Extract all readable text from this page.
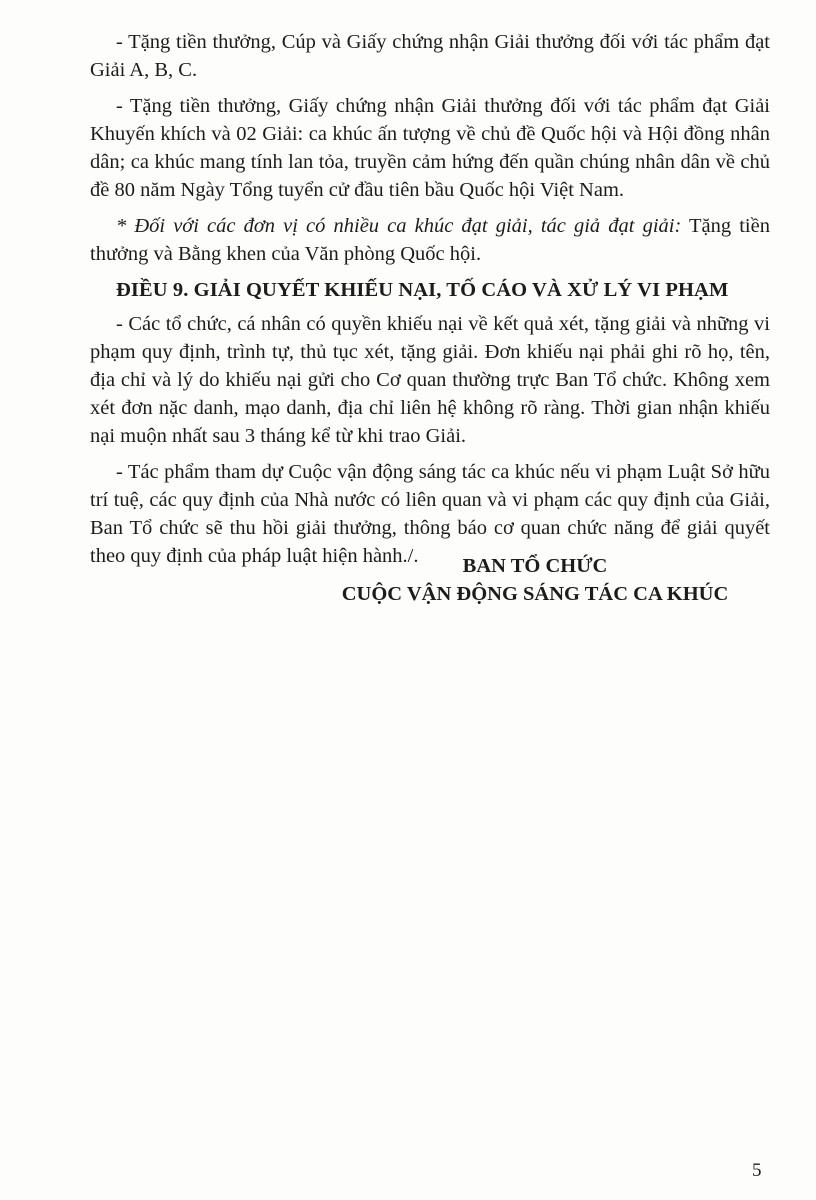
- Tặng tiền thưởng, Cúp và Giấy chứng nhận Giải thưởng đối với tác phẩm đạt Giải A, B, C.

- Tặng tiền thưởng, Giấy chứng nhận Giải thưởng đối với tác phẩm đạt Giải Khuyến khích và 02 Giải: ca khúc ấn tượng về chủ đề Quốc hội và Hội đồng nhân dân; ca khúc mang tính lan tỏa, truyền cảm hứng đến quần chúng nhân dân về chủ đề 80 năm Ngày Tổng tuyển cử đầu tiên bầu Quốc hội Việt Nam.

* Đối với các đơn vị có nhiều ca khúc đạt giải, tác giả đạt giải: Tặng tiền thưởng và Bằng khen của Văn phòng Quốc hội.

ĐIỀU 9. GIẢI QUYẾT KHIẾU NẠI, TỐ CÁO VÀ XỬ LÝ VI PHẠM

- Các tổ chức, cá nhân có quyền khiếu nại về kết quả xét, tặng giải và những vi phạm quy định, trình tự, thủ tục xét, tặng giải. Đơn khiếu nại phải ghi rõ họ, tên, địa chỉ và lý do khiếu nại gửi cho Cơ quan thường trực Ban Tổ chức. Không xem xét đơn nặc danh, mạo danh, địa chỉ liên hệ không rõ ràng. Thời gian nhận khiếu nại muộn nhất sau 3 tháng kể từ khi trao Giải.

- Tác phẩm tham dự Cuộc vận động sáng tác ca khúc nếu vi phạm Luật Sở hữu trí tuệ, các quy định của Nhà nước có liên quan và vi phạm các quy định của Giải, Ban Tổ chức sẽ thu hồi giải thưởng, thông báo cơ quan chức năng để giải quyết theo quy định của pháp luật hiện hành./.	BAN TỔ CHỨC
CUỘC VẬN ĐỘNG SÁNG TÁC CA KHÚC
5
